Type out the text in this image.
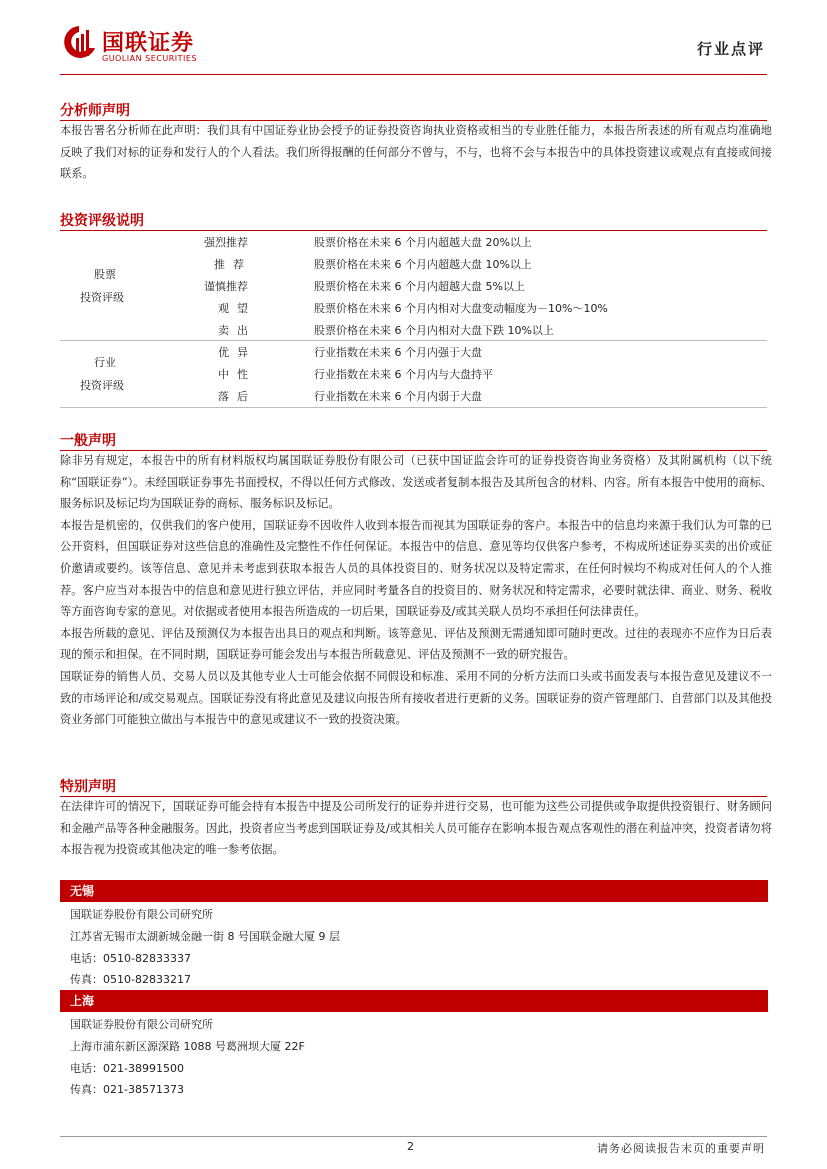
国联证券
GUOLIAN SECURITIES
行业点评
分析师声明

本报告署名分析师在此声明：我们具有中国证券业协会授予的证券投资咨询执业资格或相当的专业胜任能力，本报告所表述的所有观点均准确地反映了我们对标的证券和发行人的个人看法。我们所得报酬的任何部分不曾与，不与，也将不会与本报告中的具体投资建议或观点有直接或间接联系。

投资评级说明
股票
投资评级
强烈推荐	股票价格在未来 6 个月内超越大盘 20%以上
推荐	股票价格在未来 6 个月内超越大盘 10%以上
谨慎推荐	股票价格在未来 6 个月内超越大盘 5%以上
观望	股票价格在未来 6 个月内相对大盘变动幅度为－10%～10%
卖出	股票价格在未来 6 个月内相对大盘下跌 10%以上
行业
投资评级
优异	行业指数在未来 6 个月内强于大盘
中性	行业指数在未来 6 个月内与大盘持平
落后	行业指数在未来 6 个月内弱于大盘
一般声明

除非另有规定，本报告中的所有材料版权均属国联证券股份有限公司（已获中国证监会许可的证券投资咨询业务资格）及其附属机构（以下统称“国联证券”）。未经国联证券事先书面授权，不得以任何方式修改、发送或者复制本报告及其所包含的材料、内容。所有本报告中使用的商标、服务标识及标记均为国联证券的商标、服务标识及标记。

本报告是机密的，仅供我们的客户使用，国联证券不因收件人收到本报告而视其为国联证券的客户。本报告中的信息均来源于我们认为可靠的已公开资料，但国联证券对这些信息的准确性及完整性不作任何保证。本报告中的信息、意见等均仅供客户参考，不构成所述证券买卖的出价或征价邀请或要约。该等信息、意见并未考虑到获取本报告人员的具体投资目的、财务状况以及特定需求，在任何时候均不构成对任何人的个人推荐。客户应当对本报告中的信息和意见进行独立评估，并应同时考量各自的投资目的、财务状况和特定需求，必要时就法律、商业、财务、税收等方面咨询专家的意见。对依据或者使用本报告所造成的一切后果，国联证券及/或其关联人员均不承担任何法律责任。

本报告所载的意见、评估及预测仅为本报告出具日的观点和判断。该等意见、评估及预测无需通知即可随时更改。过往的表现亦不应作为日后表现的预示和担保。在不同时期，国联证券可能会发出与本报告所载意见、评估及预测不一致的研究报告。

国联证券的销售人员、交易人员以及其他专业人士可能会依据不同假设和标准、采用不同的分析方法而口头或书面发表与本报告意见及建议不一致的市场评论和/或交易观点。国联证券没有将此意见及建议向报告所有接收者进行更新的义务。国联证券的资产管理部门、自营部门以及其他投资业务部门可能独立做出与本报告中的意见或建议不一致的投资决策。

特别声明

在法律许可的情况下，国联证券可能会持有本报告中提及公司所发行的证券并进行交易，也可能为这些公司提供或争取提供投资银行、财务顾问和金融产品等各种金融服务。因此，投资者应当考虑到国联证券及/或其相关人员可能存在影响本报告观点客观性的潜在利益冲突，投资者请勿将本报告视为投资或其他决定的唯一参考依据。

无锡
国联证券股份有限公司研究所
江苏省无锡市太湖新城金融一街 8 号国联金融大厦 9 层
电话：0510-82833337
传真：0510-82833217
上海
国联证券股份有限公司研究所
上海市浦东新区源深路 1088 号葛洲坝大厦 22F
电话：021-38991500
传真：021-38571373
2	请务必阅读报告末页的重要声明
